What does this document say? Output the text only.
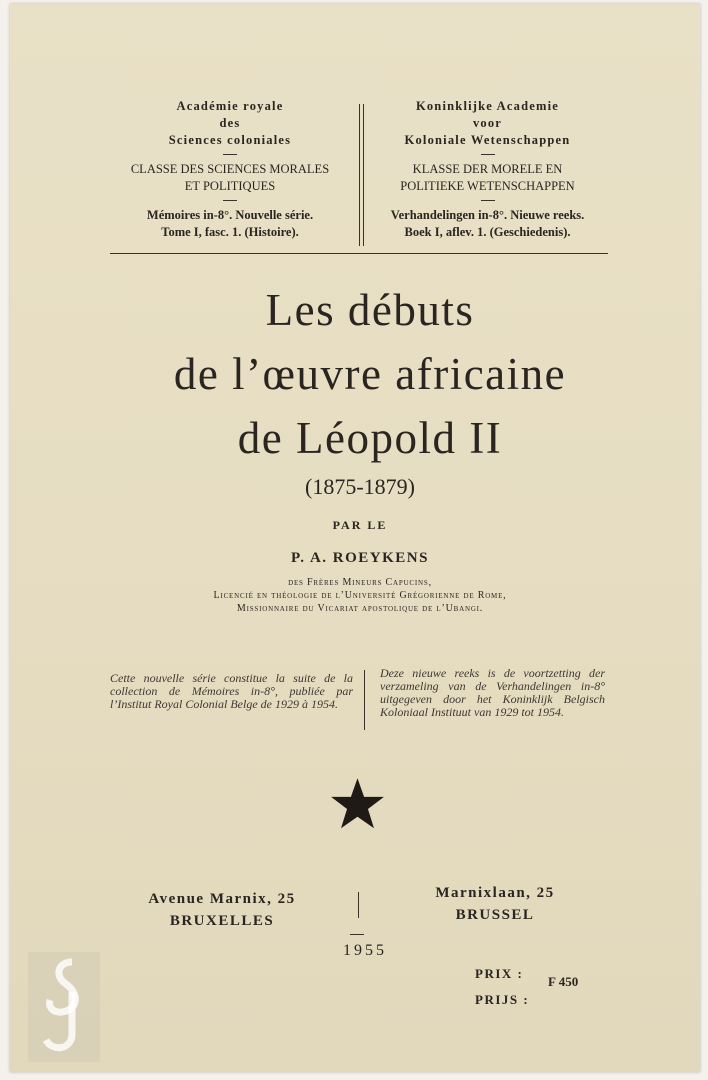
Académie royale
des
Sciences coloniales
CLASSE DES SCIENCES MORALES
ET POLITIQUES
Mémoires in-8°. Nouvelle série.
Tome I, fasc. 1. (Histoire).
Koninklijke Academie
voor
Koloniale Wetenschappen
KLASSE DER MORELE EN
POLITIEKE WETENSCHAPPEN
Verhandelingen in-8°. Nieuwe reeks.
Boek I, aflev. 1. (Geschiedenis).
Les débuts
de l’œuvre africaine
de Léopold II
(1875-1879)
PAR LE
P. A. ROEYKENS
des Frères Mineurs Capucins,
Licencié en théologie de l’Université Grégorienne de Rome,
Missionnaire du Vicariat apostolique de l’Ubangi.
Cette nouvelle série constitue la suite de la collection de Mémoires in-8°, publiée par l’Institut Royal Colonial Belge de 1929 à 1954.
Deze nieuwe reeks is de voortzetting der verzameling van de Verhandelingen in-8° uitgegeven door het Koninklijk Belgisch Koloniaal Instituut van 1929 tot 1954.
Avenue Marnix, 25
BRUXELLES
Marnixlaan, 25
BRUSSEL
1955
PRIX :
PRIJS :
F 450
